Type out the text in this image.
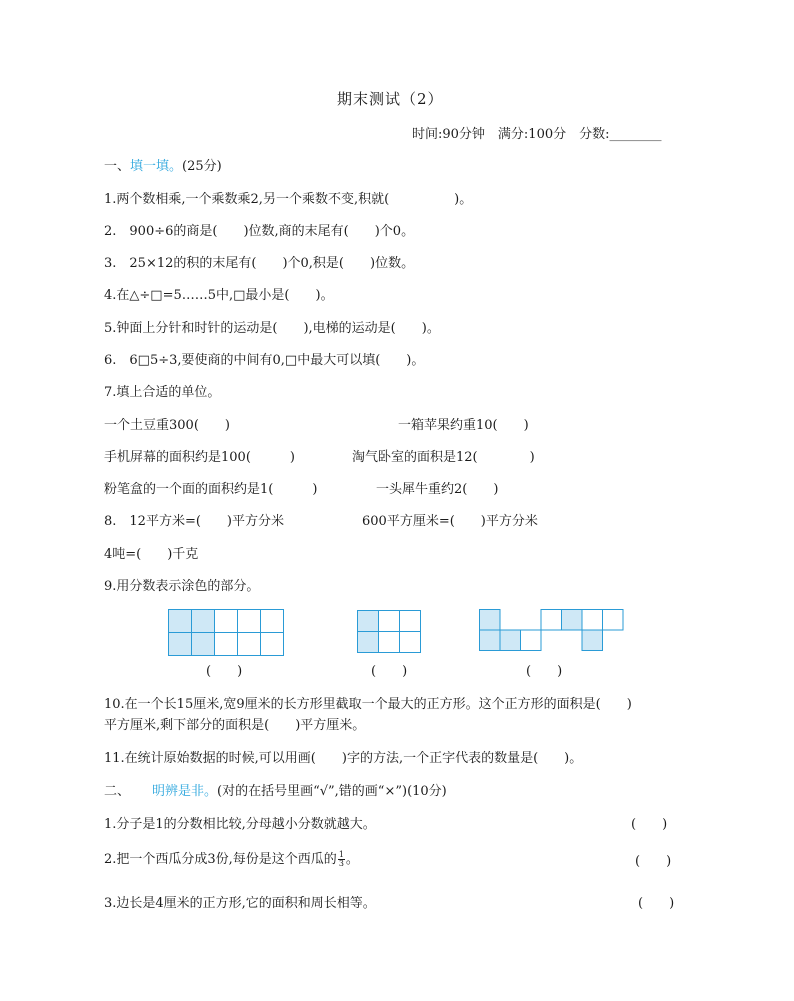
期末测试（2）
时间:90分钟　满分:100分　分数:________
一、填一填。(25分)
1.两个数相乘,一个乘数乘2,另一个乘数不变,积就(　　　　　)。
2.　900÷6的商是(　　)位数,商的末尾有(　　)个0。
3.　25×12的积的末尾有(　　)个0,积是(　　)位数。
4.在△÷□=5……5中,□最小是(　　)。
5.钟面上分针和时针的运动是(　　),电梯的运动是(　　)。
6.　6□5÷3,要使商的中间有0,□中最大可以填(　　)。
7.填上合适的单位。
一个土豆重300(　　)	一箱苹果约重10(　　)
手机屏幕的面积约是100(　　　)	淘气卧室的面积是12(　　　　)
粉笔盒的一个面的面积约是1(　　　)	一头犀牛重约2(　　)
8.　12平方米=(　　)平方分米	600平方厘米=(　　)平方分米
4吨=(　　)千克
9.用分数表示涂色的部分。
(　　)	(　　)	(　　)
10.在一个长15厘米,宽9厘米的长方形里截取一个最大的正方形。这个正方形的面积是(　　)
平方厘米,剩下部分的面积是(　　)平方厘米。
11.在统计原始数据的时候,可以用画(　　)字的方法,一个正字代表的数量是(　　)。
二、 明辨是非。(对的在括号里画“√”,错的画“×”)(10分)
1.分子是1的分数相比较,分母越小分数就越大。	(　　)
2.把一个西瓜分成3份,每份是这个西瓜的 $\frac{1}{3}$ 。	(　　)
3.边长是4厘米的正方形,它的面积和周长相等。	(　　)
